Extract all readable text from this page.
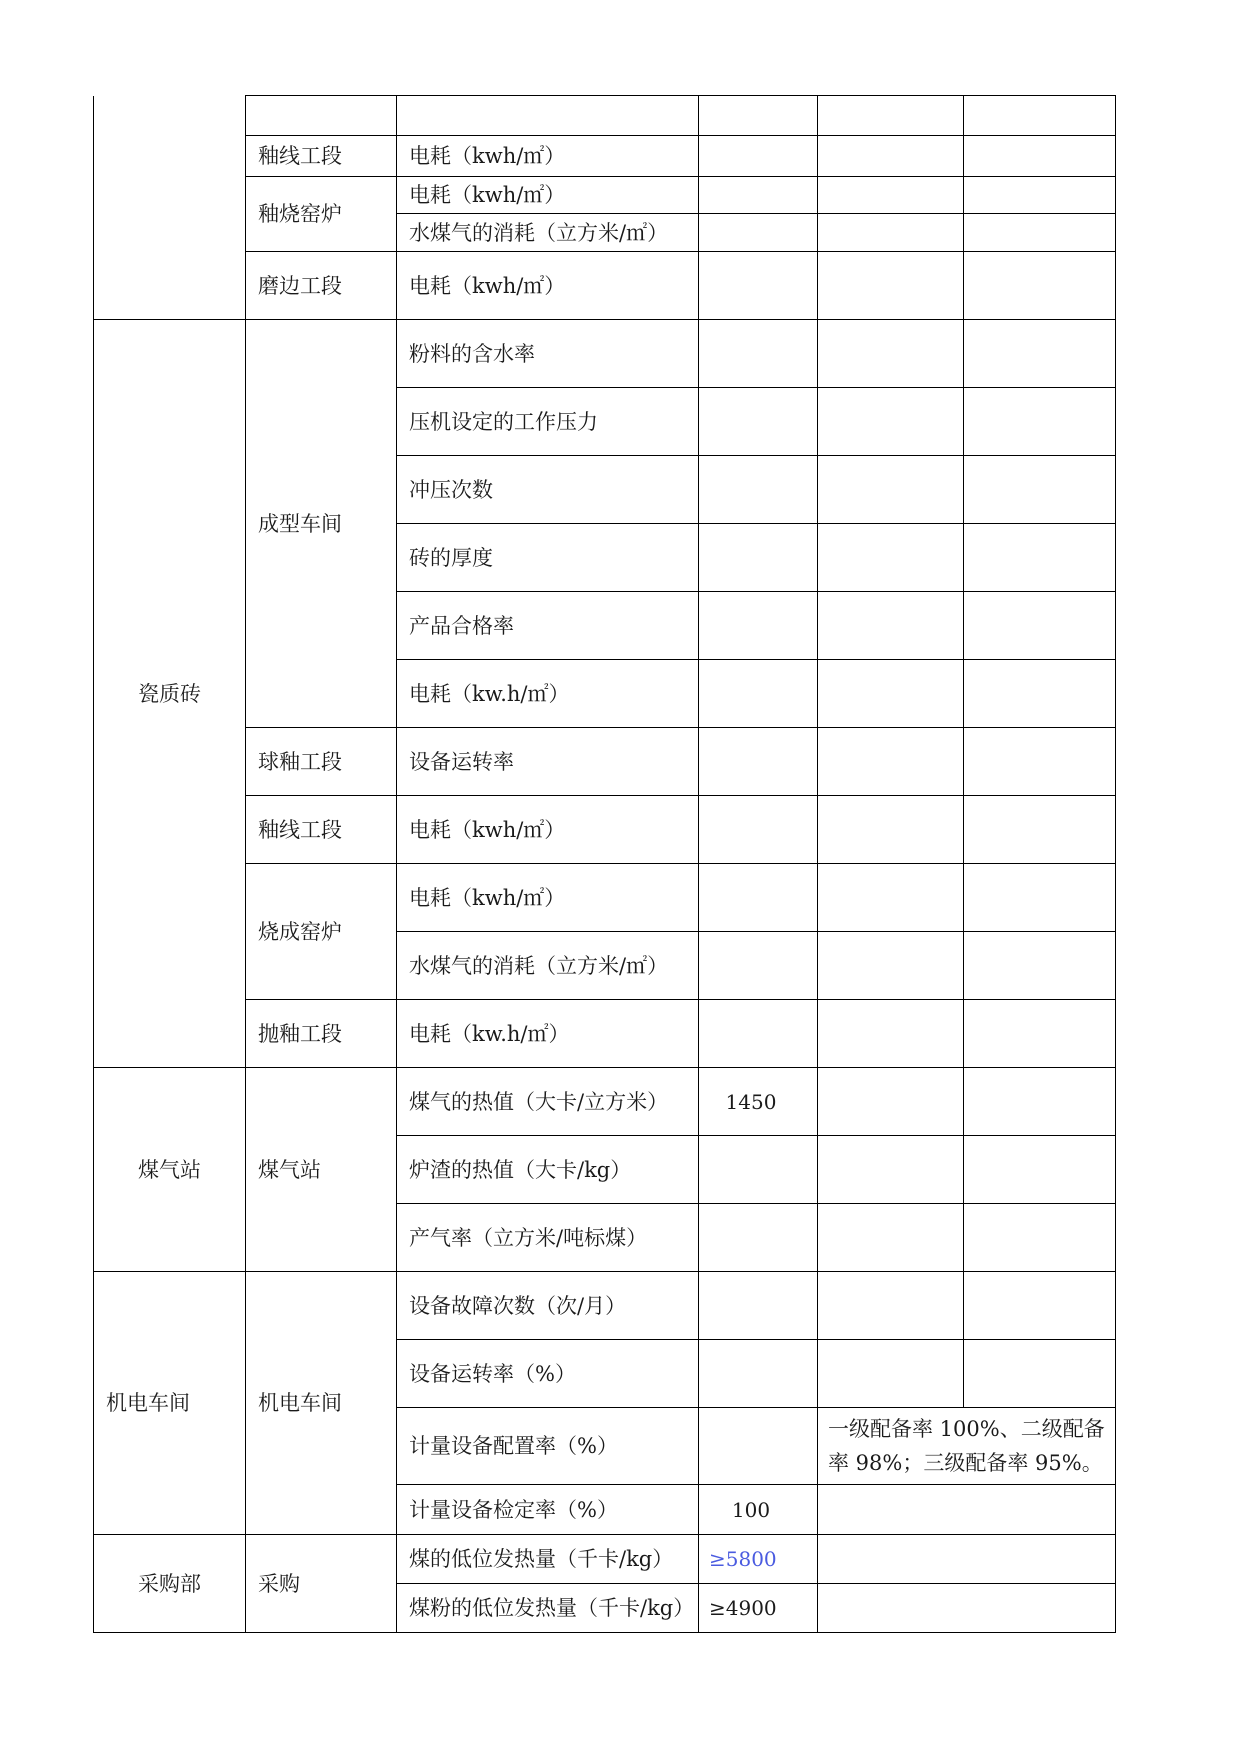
	釉线工段	电耗（kwh/㎡）			
	釉烧窑炉	电耗（kwh/㎡）			
		水煤气的消耗（立方米/㎡）			
	磨边工段	电耗（kwh/㎡）			
瓷质砖	成型车间	粉料的含水率			
		压机设定的工作压力			
		冲压次数			
		砖的厚度			
		产品合格率			
		电耗（kw.h/㎡）			
	球釉工段	设备运转率			
	釉线工段	电耗（kwh/㎡）			
	烧成窑炉	电耗（kwh/㎡）			
		水煤气的消耗（立方米/㎡）			
	抛釉工段	电耗（kw.h/㎡）			
煤气站	煤气站	煤气的热值（大卡/立方米）	1450		
		炉渣的热值（大卡/kg）			
		产气率（立方米/吨标煤）			
机电车间	机电车间	设备故障次数（次/月）			
		设备运转率（%）			
		计量设备配置率（%）		一级配备率 100%、二级配备率 98%；三级配备率 95%。	
		计量设备检定率（%）	100		
采购部	采购	煤的低位发热量（千卡/kg）	≥5800		
		煤粉的低位发热量（千卡/kg）	≥4900		
